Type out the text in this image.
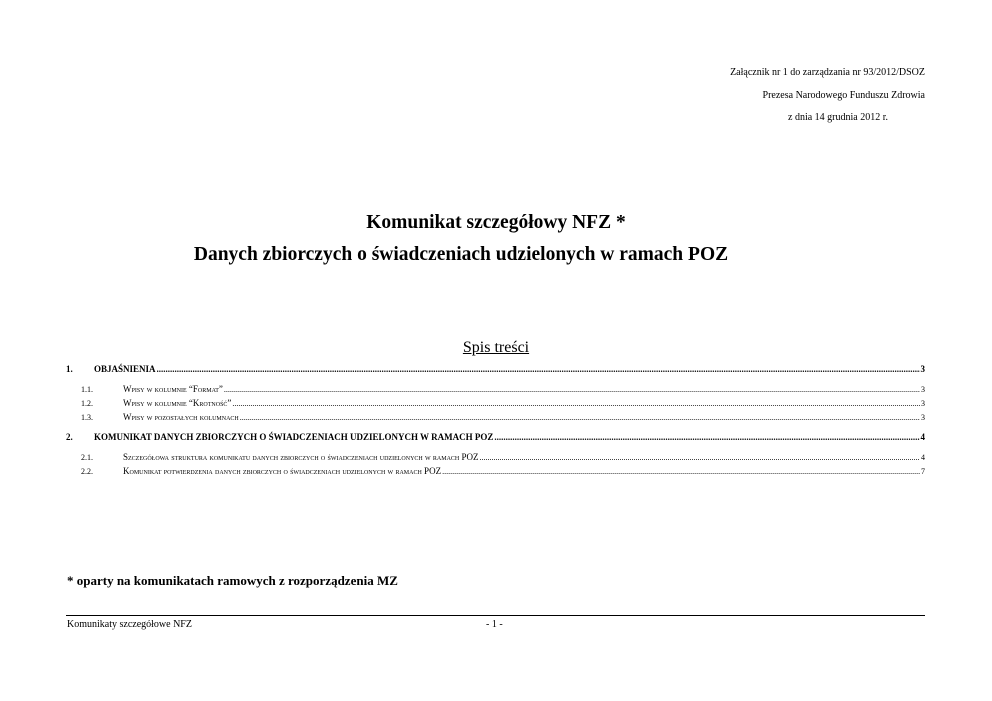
Załącznik nr 1 do zarządzania nr 93/2012/DSOZ
Prezesa Narodowego Funduszu Zdrowia
z dnia 14 grudnia 2012 r.
Komunikat szczegółowy NFZ *
Danych zbiorczych o świadczeniach udzielonych w ramach POZ
Spis treści
1.	OBJAŚNIENIA .....	3
1.1.	Wpisy w kolumnie “Format” .....	3
1.2.	Wpisy w kolumnie “Krotność” .....	3
1.3.	Wpisy w pozostałych kolumnach .....	3
2.	KOMUNIKAT DANYCH ZBIORCZYCH O ŚWIADCZENIACH UDZIELONYCH W RAMACH POZ .....	4
2.1.	Szczegółowa struktura komunikatu danych zbiorczych o świadczeniach udzielonych w ramach POZ .....	4
2.2.	Komunikat potwierdzenia danych zbiorczych o świadczeniach udzielonych w ramach POZ .....	7
* oparty na komunikatach ramowych z rozporządzenia MZ
Komunikaty szczegółowe NFZ	- 1 -
